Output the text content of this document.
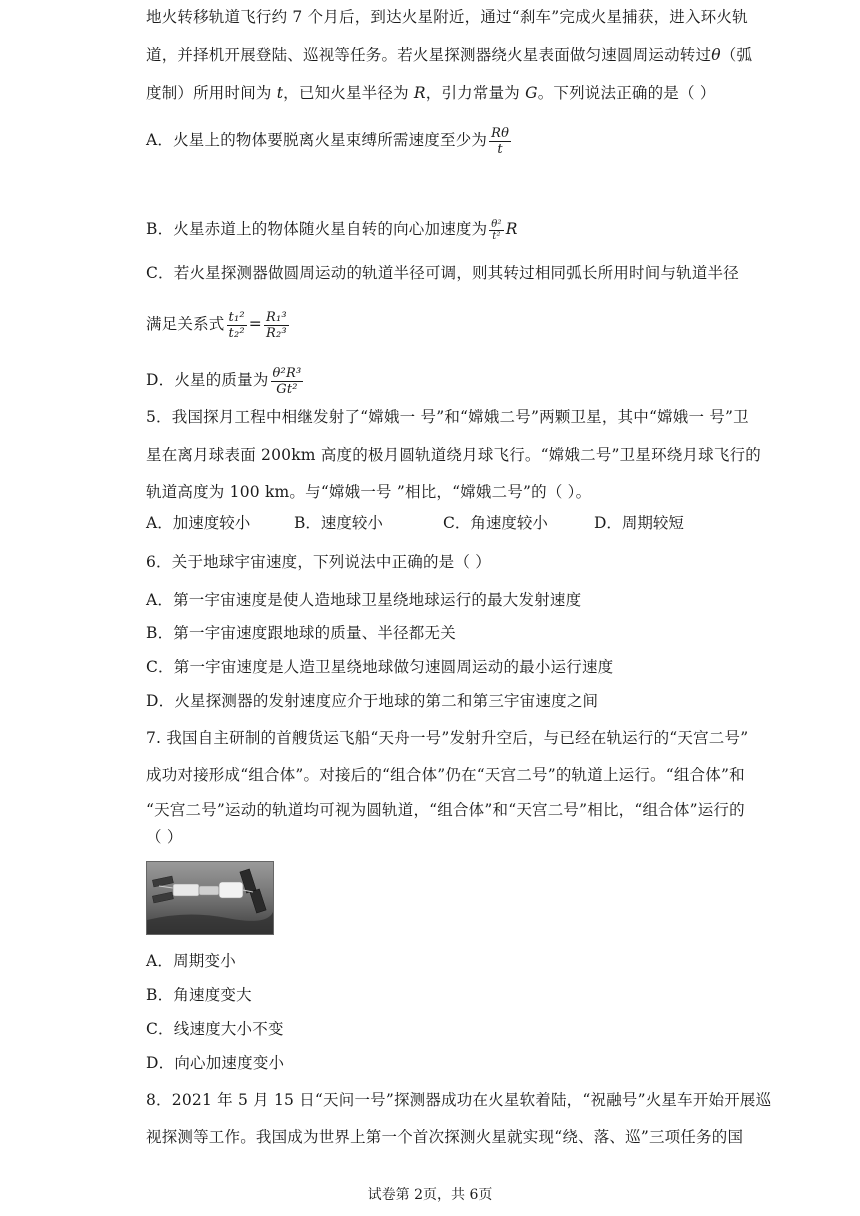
地火转移轨道飞行约 7 个月后，到达火星附近，通过“刹车”完成火星捕获，进入环火轨
道，并择机开展登陆、巡视等任务。若火星探测器绕火星表面做匀速圆周运动转过θ（弧
度制）所用时间为 t，已知火星半径为 R，引力常量为 G。下列说法正确的是（ ）
A．火星上的物体要脱离火星束缚所需速度至少为 $\frac{R\theta}{t}$
B．火星赤道上的物体随火星自转的向心加速度为 $\frac{\text{θ²}}{\text{t²}}$ R
C．若火星探测器做圆周运动的轨道半径可调，则其转过相同弧长所用时间与轨道半径
满足关系式 $\frac{\text{t₁²}}{\text{t₂²}} = \frac{\text{R₁³}}{\text{R₂³}}$
D．火星的质量为 $\frac{\text{θ²R³}}{\text{Gt²}}$
5．我国探月工程中相继发射了“嫦娥一 号”和“嫦娥二号”两颗卫星，其中“嫦娥一 号”卫
星在离月球表面 200km 高度的极月圆轨道绕月球飞行。“嫦娥二号”卫星环绕月球飞行的
轨道高度为 100 km。与“嫦娥一号 ”相比，“嫦娥二号”的（ ）。
A．加速度较小	B．速度较小	C．角速度较小	D．周期较短
6．关于地球宇宙速度，下列说法中正确的是（ ）
A．第一宇宙速度是使人造地球卫星绕地球运行的最大发射速度
B．第一宇宙速度跟地球的质量、半径都无关
C．第一宇宙速度是人造卫星绕地球做匀速圆周运动的最小运行速度
D．火星探测器的发射速度应介于地球的第二和第三宇宙速度之间
7. 我国自主研制的首艘货运飞船“天舟一号”发射升空后，与已经在轨运行的“天宫二号”
成功对接形成“组合体”。对接后的“组合体”仍在“天宫二号”的轨道上运行。“组合体”和
“天宫二号”运动的轨道均可视为圆轨道，“组合体”和“天宫二号”相比，“组合体”运行的
（ ）
A．周期变小
B．角速度变大
C．线速度大小不变
D．向心加速度变小
8．2021 年 5 月 15 日“天问一号”探测器成功在火星软着陆，“祝融号”火星车开始开展巡
视探测等工作。我国成为世界上第一个首次探测火星就实现“绕、落、巡”三项任务的国
试卷第 2页，共 6页
